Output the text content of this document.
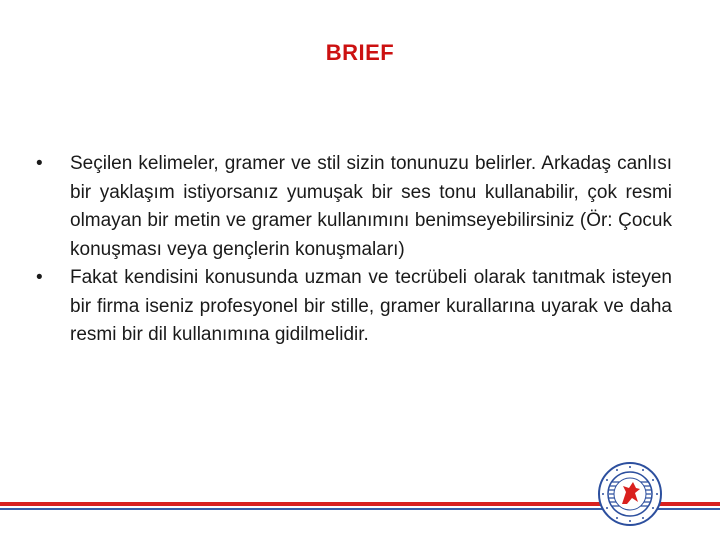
BRIEF
•	Seçilen kelimeler, gramer ve stil sizin tonunuzu belirler. Arkadaş canlısı bir yaklaşım istiyorsanız yumuşak bir ses tonu kullanabilir, çok resmi olmayan bir metin ve gramer kullanımını benimseyebilirsiniz (Ör: Çocuk konuşması veya gençlerin konuşmaları)
•	Fakat kendisini konusunda uzman ve tecrübeli olarak tanıtmak isteyen bir firma iseniz profesyonel bir stille, gramer kurallarına uyarak ve daha resmi bir dil kullanımına gidilmelidir.
